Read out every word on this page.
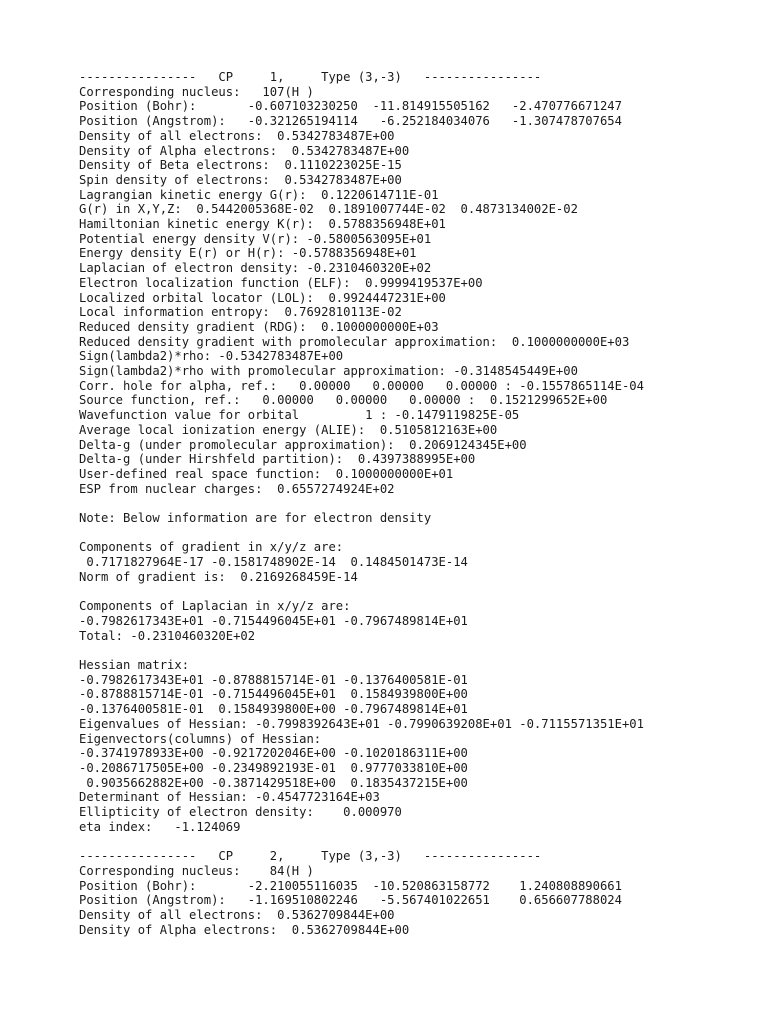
----------------   CP     1,     Type (3,-3)   ----------------
Corresponding nucleus:   107(H )
Position (Bohr):       -0.607103230250  -11.814915505162   -2.470776671247
Position (Angstrom):   -0.321265194114   -6.252184034076   -1.307478707654
Density of all electrons:  0.5342783487E+00
Density of Alpha electrons:  0.5342783487E+00
Density of Beta electrons:  0.1110223025E-15
Spin density of electrons:  0.5342783487E+00
Lagrangian kinetic energy G(r):  0.1220614711E-01
G(r) in X,Y,Z:  0.5442005368E-02  0.1891007744E-02  0.4873134002E-02
Hamiltonian kinetic energy K(r):  0.5788356948E+01
Potential energy density V(r): -0.5800563095E+01
Energy density E(r) or H(r): -0.5788356948E+01
Laplacian of electron density: -0.2310460320E+02
Electron localization function (ELF):  0.9999419537E+00
Localized orbital locator (LOL):  0.9924447231E+00
Local information entropy:  0.7692810113E-02
Reduced density gradient (RDG):  0.1000000000E+03
Reduced density gradient with promolecular approximation:  0.1000000000E+03
Sign(lambda2)*rho: -0.5342783487E+00
Sign(lambda2)*rho with promolecular approximation: -0.3148545449E+00
Corr. hole for alpha, ref.:   0.00000   0.00000   0.00000 : -0.1557865114E-04
Source function, ref.:   0.00000   0.00000   0.00000 :  0.1521299652E+00
Wavefunction value for orbital         1 : -0.1479119825E-05
Average local ionization energy (ALIE):  0.5105812163E+00
Delta-g (under promolecular approximation):  0.2069124345E+00
Delta-g (under Hirshfeld partition):  0.4397388995E+00
User-defined real space function:  0.1000000000E+01
ESP from nuclear charges:  0.6557274924E+02
Note: Below information are for electron density
Components of gradient in x/y/z are:
0.7171827964E-17 -0.1581748902E-14  0.1484501473E-14
Norm of gradient is:  0.2169268459E-14
Components of Laplacian in x/y/z are:
-0.7982617343E+01 -0.7154496045E+01 -0.7967489814E+01
Total: -0.2310460320E+02
Hessian matrix:
-0.7982617343E+01 -0.8788815714E-01 -0.1376400581E-01
-0.8788815714E-01 -0.7154496045E+01  0.1584939800E+00
-0.1376400581E-01  0.1584939800E+00 -0.7967489814E+01
Eigenvalues of Hessian: -0.7998392643E+01 -0.7990639208E+01 -0.7115571351E+01
Eigenvectors(columns) of Hessian:
-0.3741978933E+00 -0.9217202046E+00 -0.1020186311E+00
-0.2086717505E+00 -0.2349892193E-01  0.9777033810E+00
0.9035662882E+00 -0.3871429518E+00  0.1835437215E+00
Determinant of Hessian: -0.4547723164E+03
Ellipticity of electron density:    0.000970
eta index:   -1.124069
----------------   CP     2,     Type (3,-3)   ----------------
Corresponding nucleus:    84(H )
Position (Bohr):       -2.210055116035  -10.520863158772    1.240808890661
Position (Angstrom):   -1.169510802246   -5.567401022651    0.656607788024
Density of all electrons:  0.5362709844E+00
Density of Alpha electrons:  0.5362709844E+00
